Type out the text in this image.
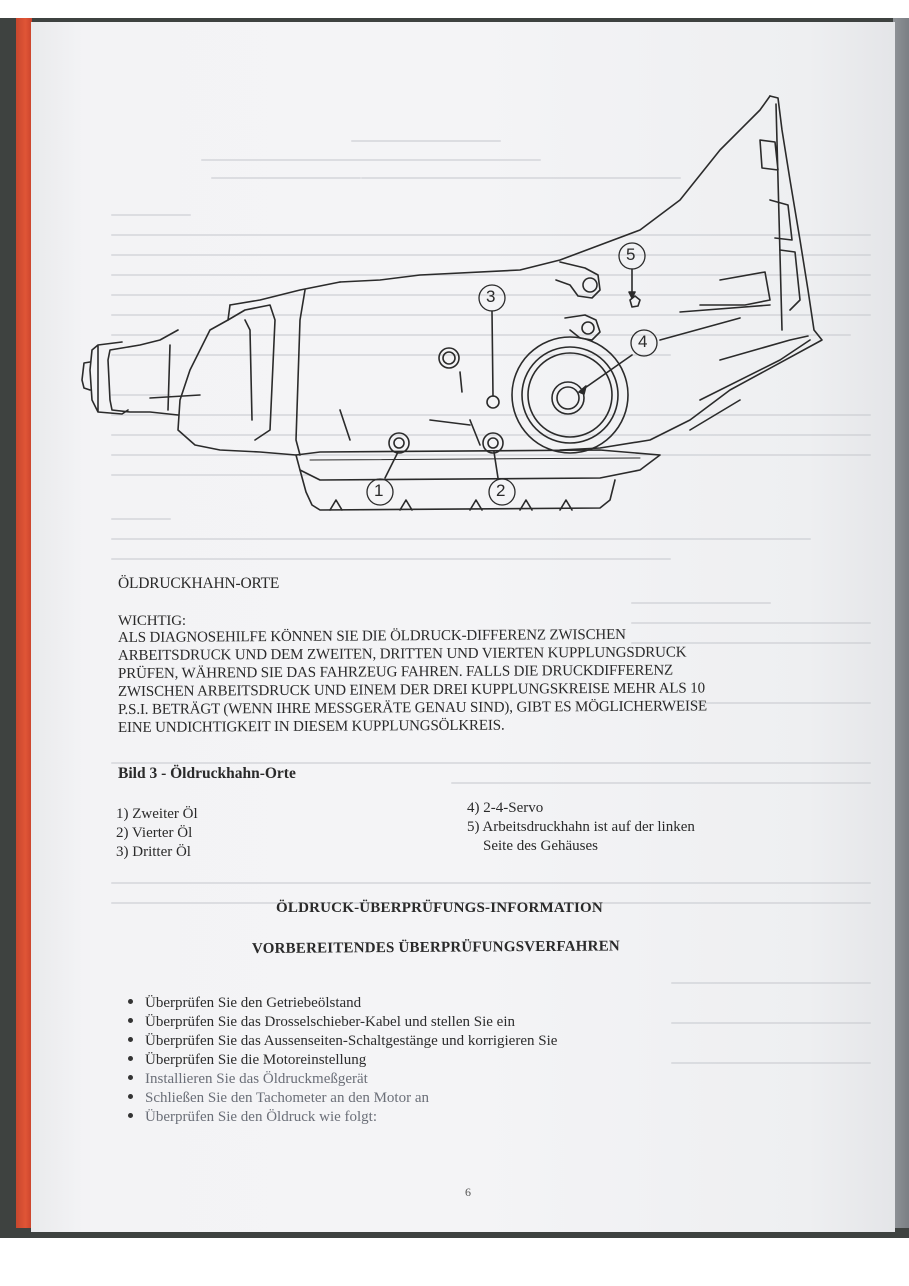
1	2
3
4
5
ÖLDRUCKHAHN-ORTE
WICHTIG:
ALS DIAGNOSEHILFE KÖNNEN SIE DIE ÖLDRUCK-DIFFERENZ ZWISCHEN
ARBEITSDRUCK UND DEM ZWEITEN, DRITTEN UND VIERTEN KUPPLUNGSDRUCK
PRÜFEN, WÄHREND SIE DAS FAHRZEUG FAHREN. FALLS DIE DRUCKDIFFERENZ
ZWISCHEN ARBEITSDRUCK UND EINEM DER DREI KUPPLUNGSKREISE MEHR ALS 10
P.S.I. BETRÄGT (WENN IHRE MESSGERÄTE GENAU SIND), GIBT ES MÖGLICHERWEISE
EINE UNDICHTIGKEIT IN DIESEM KUPPLUNGSÖLKREIS.
Bild 3 - Öldruckhahn-Orte
1) Zweiter Öl
2) Vierter Öl
3) Dritter Öl
4) 2-4-Servo
5) Arbeitsdruckhahn ist auf der linken
Seite des Gehäuses
ÖLDRUCK-ÜBERPRÜFUNGS-INFORMATION
VORBEREITENDES ÜBERPRÜFUNGSVERFAHREN
Überprüfen Sie den Getriebeölstand
Überprüfen Sie das Drosselschieber-Kabel und stellen Sie ein
Überprüfen Sie das Aussenseiten-Schaltgestänge und korrigieren Sie
Überprüfen Sie die Motoreinstellung
Installieren Sie das Öldruckmeßgerät
Schließen Sie den Tachometer an den Motor an
Überprüfen Sie den Öldruck wie folgt:
6
